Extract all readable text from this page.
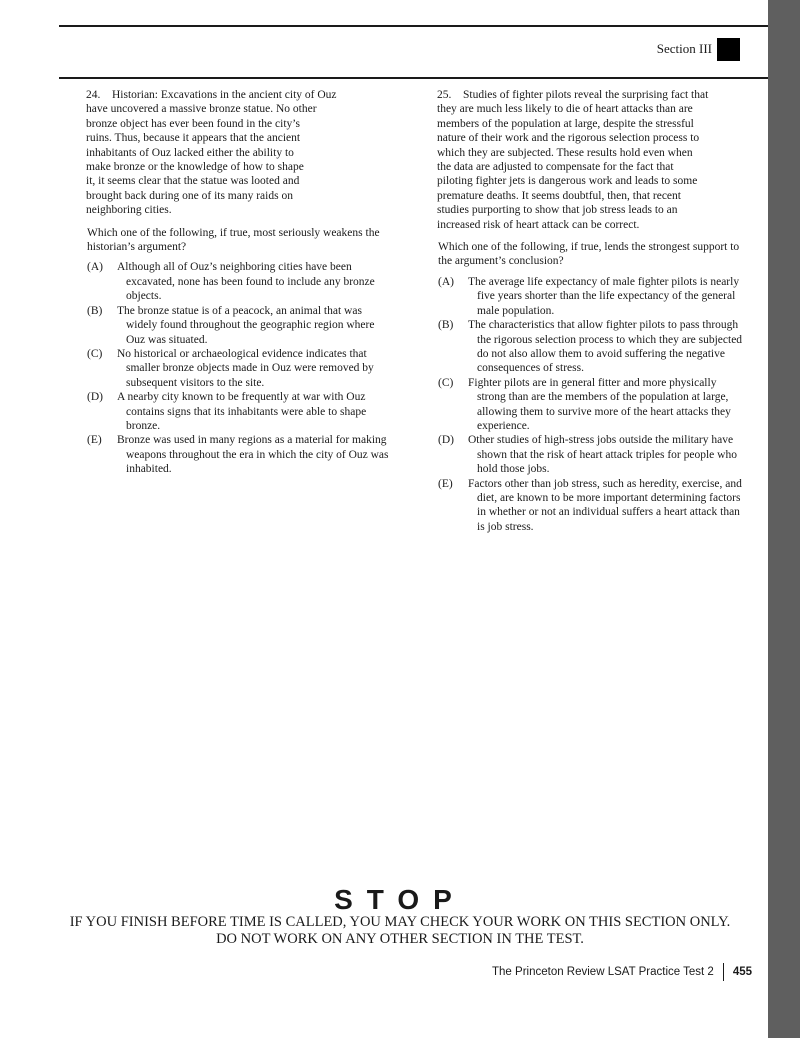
Section III
24. Historian: Excavations in the ancient city of Ouz
have uncovered a massive bronze statue. No other
bronze object has ever been found in the city’s
ruins. Thus, because it appears that the ancient
inhabitants of Ouz lacked either the ability to
make bronze or the knowledge of how to shape
it, it seems clear that the statue was looted and
brought back during one of its many raids on
neighboring cities.
Which one of the following, if true, most seriously weakens the historian’s argument?
(A) Although all of Ouz’s neighboring cities have been excavated, none has been found to include any bronze objects.
(B) The bronze statue is of a peacock, an animal that was widely found throughout the geographic region where Ouz was situated.
(C) No historical or archaeological evidence indicates that smaller bronze objects made in Ouz were removed by subsequent visitors to the site.
(D) A nearby city known to be frequently at war with Ouz contains signs that its inhabitants were able to shape bronze.
(E) Bronze was used in many regions as a material for making weapons throughout the era in which the city of Ouz was inhabited.
25. Studies of fighter pilots reveal the surprising fact that
they are much less likely to die of heart attacks than are
members of the population at large, despite the stressful
nature of their work and the rigorous selection process to
which they are subjected. These results hold even when
the data are adjusted to compensate for the fact that
piloting fighter jets is dangerous work and leads to some
premature deaths. It seems doubtful, then, that recent
studies purporting to show that job stress leads to an
increased risk of heart attack can be correct.
Which one of the following, if true, lends the strongest support to the argument’s conclusion?
(A) The average life expectancy of male fighter pilots is nearly five years shorter than the life expectancy of the general male population.
(B) The characteristics that allow fighter pilots to pass through the rigorous selection process to which they are subjected do not also allow them to avoid suffering the negative consequences of stress.
(C) Fighter pilots are in general fitter and more physically strong than are the members of the population at large, allowing them to survive more of the heart attacks they experience.
(D) Other studies of high-stress jobs outside the military have shown that the risk of heart attack triples for people who hold those jobs.
(E) Factors other than job stress, such as heredity, exercise, and diet, are known to be more important determining factors in whether or not an individual suffers a heart attack than is job stress.
STOP
IF YOU FINISH BEFORE TIME IS CALLED, YOU MAY CHECK YOUR WORK ON THIS SECTION ONLY.
DO NOT WORK ON ANY OTHER SECTION IN THE TEST.
The Princeton Review LSAT Practice Test 2 455
